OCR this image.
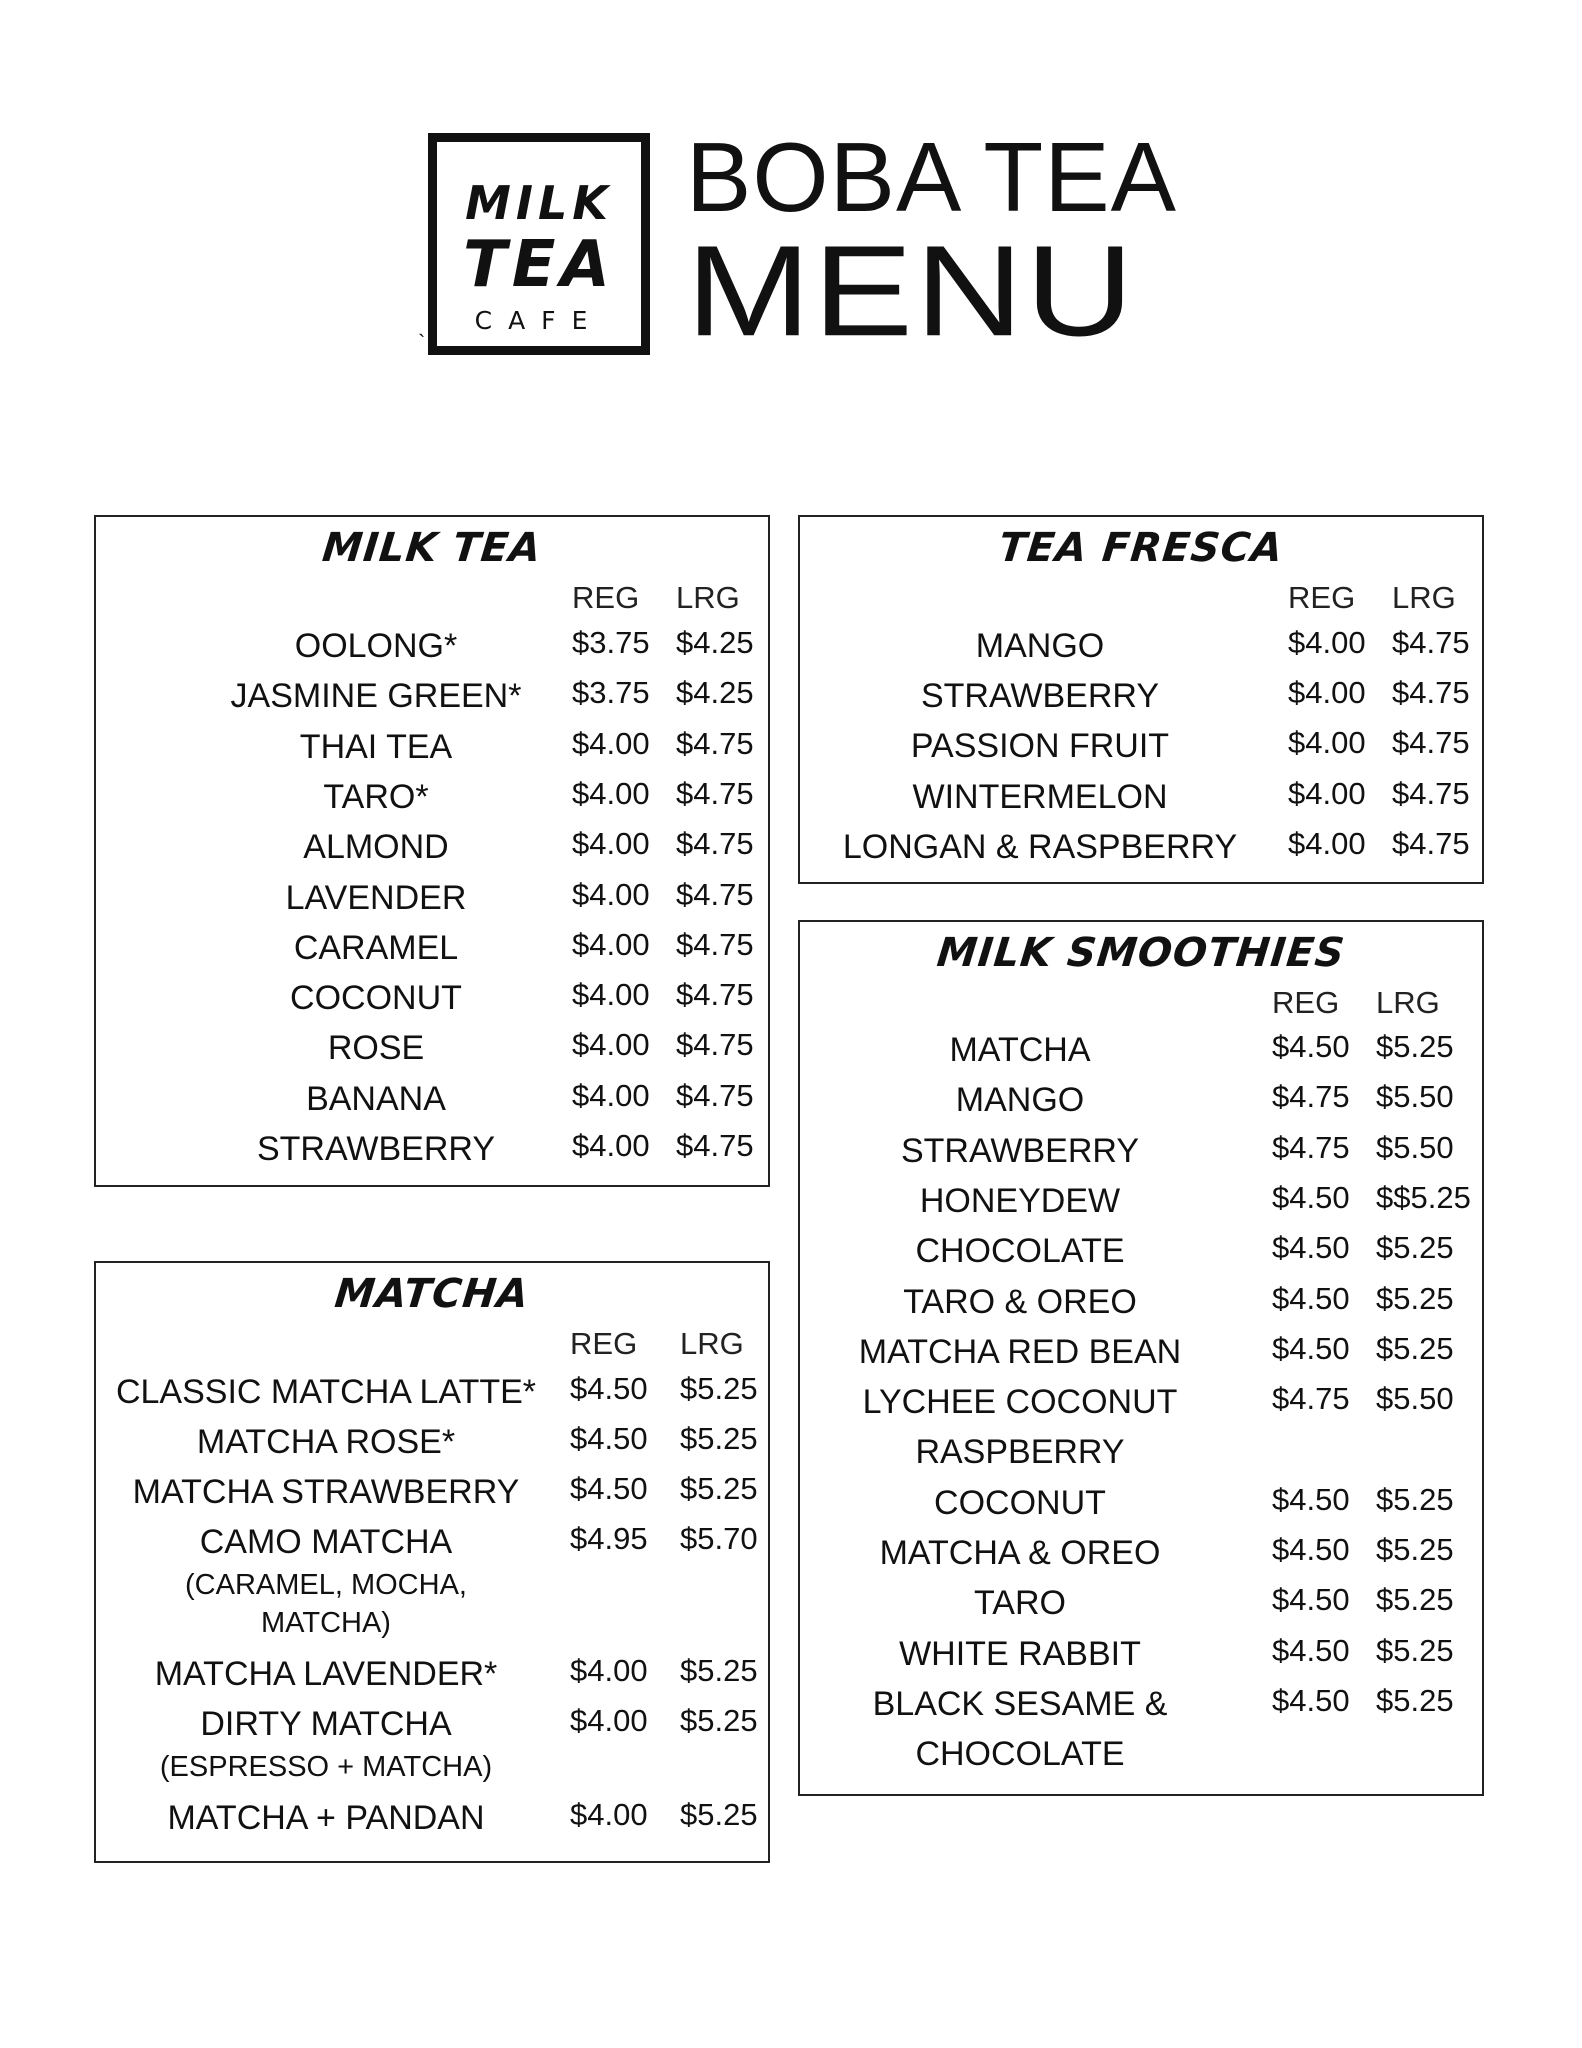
MILK
TEA
CAFE
`
BOBA TEA
MENU
MILK TEA
REG LRG
OOLONG*	$3.75 $4.25
JASMINE GREEN*	$3.75 $4.25
THAI TEA	$4.00 $4.75
TARO*	$4.00 $4.75
ALMOND	$4.00 $4.75
LAVENDER	$4.00 $4.75
CARAMEL	$4.00 $4.75
COCONUT	$4.00 $4.75
ROSE	$4.00 $4.75
BANANA	$4.00 $4.75
STRAWBERRY	$4.00 $4.75
MATCHA
REG LRG
CLASSIC MATCHA LATTE*	$4.50 $5.25
MATCHA ROSE*	$4.50 $5.25
MATCHA STRAWBERRY	$4.50 $5.25
CAMO MATCHA	$4.95 $5.70
(CARAMEL, MOCHA,
MATCHA)
MATCHA LAVENDER*	$4.00 $5.25
DIRTY MATCHA	$4.00 $5.25
(ESPRESSO + MATCHA)
MATCHA + PANDAN	$4.00 $5.25
TEA FRESCA
REG LRG
MANGO	$4.00 $4.75
STRAWBERRY	$4.00 $4.75
PASSION FRUIT	$4.00 $4.75
WINTERMELON	$4.00 $4.75
LONGAN & RASPBERRY	$4.00 $4.75
MILK SMOOTHIES
REG LRG
MATCHA	$4.50 $5.25
MANGO	$4.75 $5.50
STRAWBERRY	$4.75 $5.50
HONEYDEW	$4.50 $$5.25
CHOCOLATE	$4.50 $5.25
TARO & OREO	$4.50 $5.25
MATCHA RED BEAN	$4.50 $5.25
LYCHEE COCONUT	$4.75 $5.50
RASPBERRY
COCONUT	$4.50 $5.25
MATCHA & OREO	$4.50 $5.25
TARO	$4.50 $5.25
WHITE RABBIT	$4.50 $5.25
BLACK SESAME &	$4.50 $5.25
CHOCOLATE
